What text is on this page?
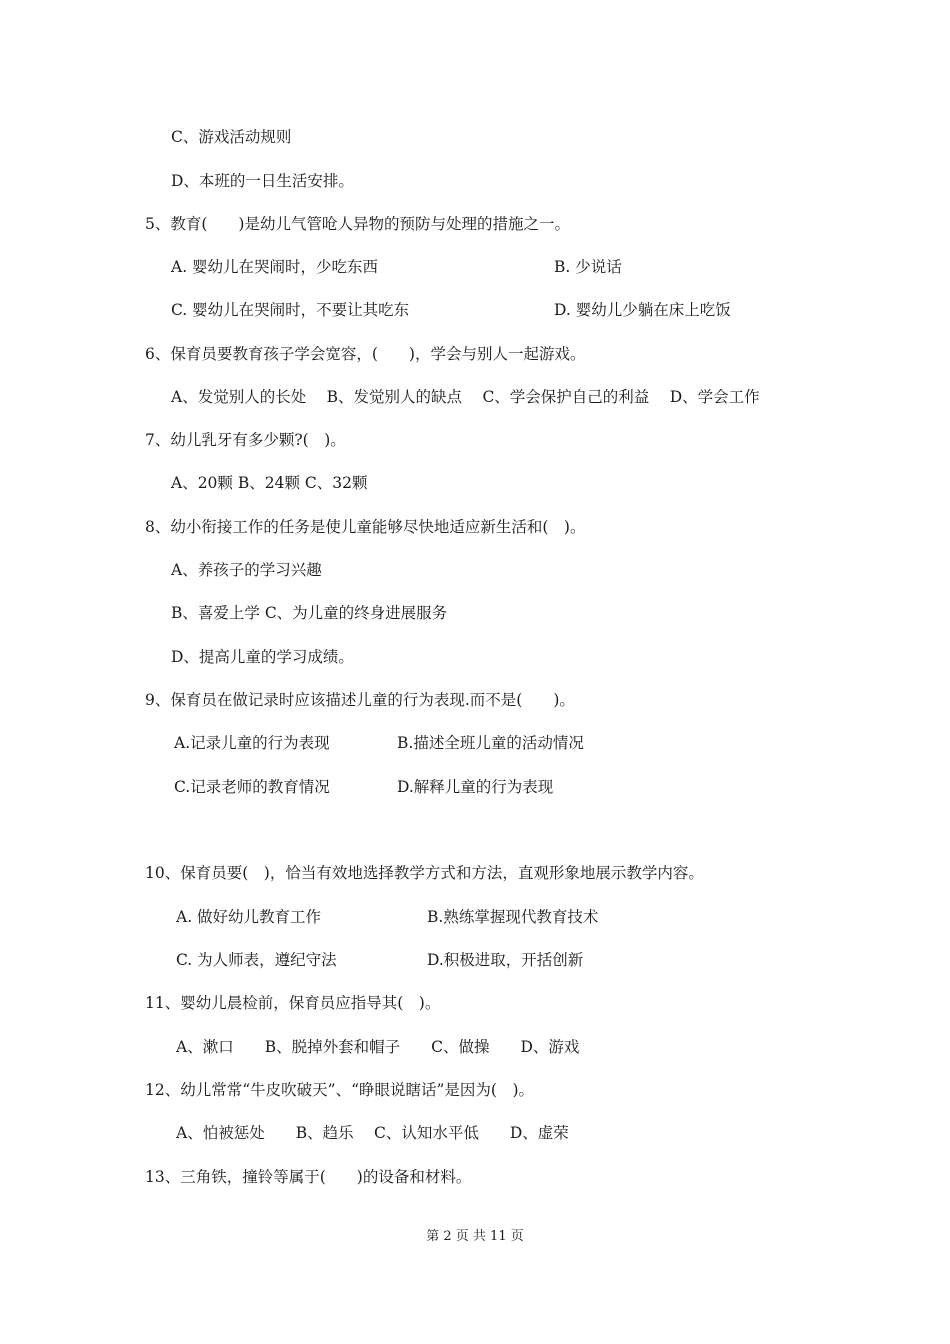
C、游戏活动规则
D、本班的一日生活安排。
5、教育(　　)是幼儿气管呛人异物的预防与处理的措施之一。
A. 婴幼儿在哭闹时，少吃东西	B. 少说话
C. 婴幼儿在哭闹时，不要让其吃东	D. 婴幼儿少躺在床上吃饭
6、保育员要教育孩子学会宽容，(　　)，学会与别人一起游戏。
A、发觉别人的长处　 B、发觉别人的缺点　 C、学会保护自己的利益　 D、学会工作
7、幼儿乳牙有多少颗?(　)。
A、20颗 B、24颗 C、32颗
8、幼小衔接工作的任务是使儿童能够尽快地适应新生活和(　)。
A、养孩子的学习兴趣
B、喜爱上学 C、为儿童的终身进展服务
D、提高儿童的学习成绩。
9、保育员在做记录时应该描述儿童的行为表现.而不是(　　)。
A.记录儿童的行为表现	B.描述全班儿童的活动情况
C.记录老师的教育情况	D.解释儿童的行为表现
10、保育员要(　)，恰当有效地选择教学方式和方法，直观形象地展示教学内容。
A. 做好幼儿教育工作	B.熟练掌握现代教育技术
C. 为人师表，遵纪守法	D.积极进取，开括创新
11、婴幼儿晨检前，保育员应指导其(　)。
A、漱口　　B、脱掉外套和帽子　　C、做操　　D、游戏
12、幼儿常常“牛皮吹破天”、“睁眼说瞎话”是因为(　)。
A、怕被惩处　　B、趋乐　 C、认知水平低　　D、虚荣
13、三角铁，撞铃等属于(　　)的设备和材料。
第 2 页 共 11 页
